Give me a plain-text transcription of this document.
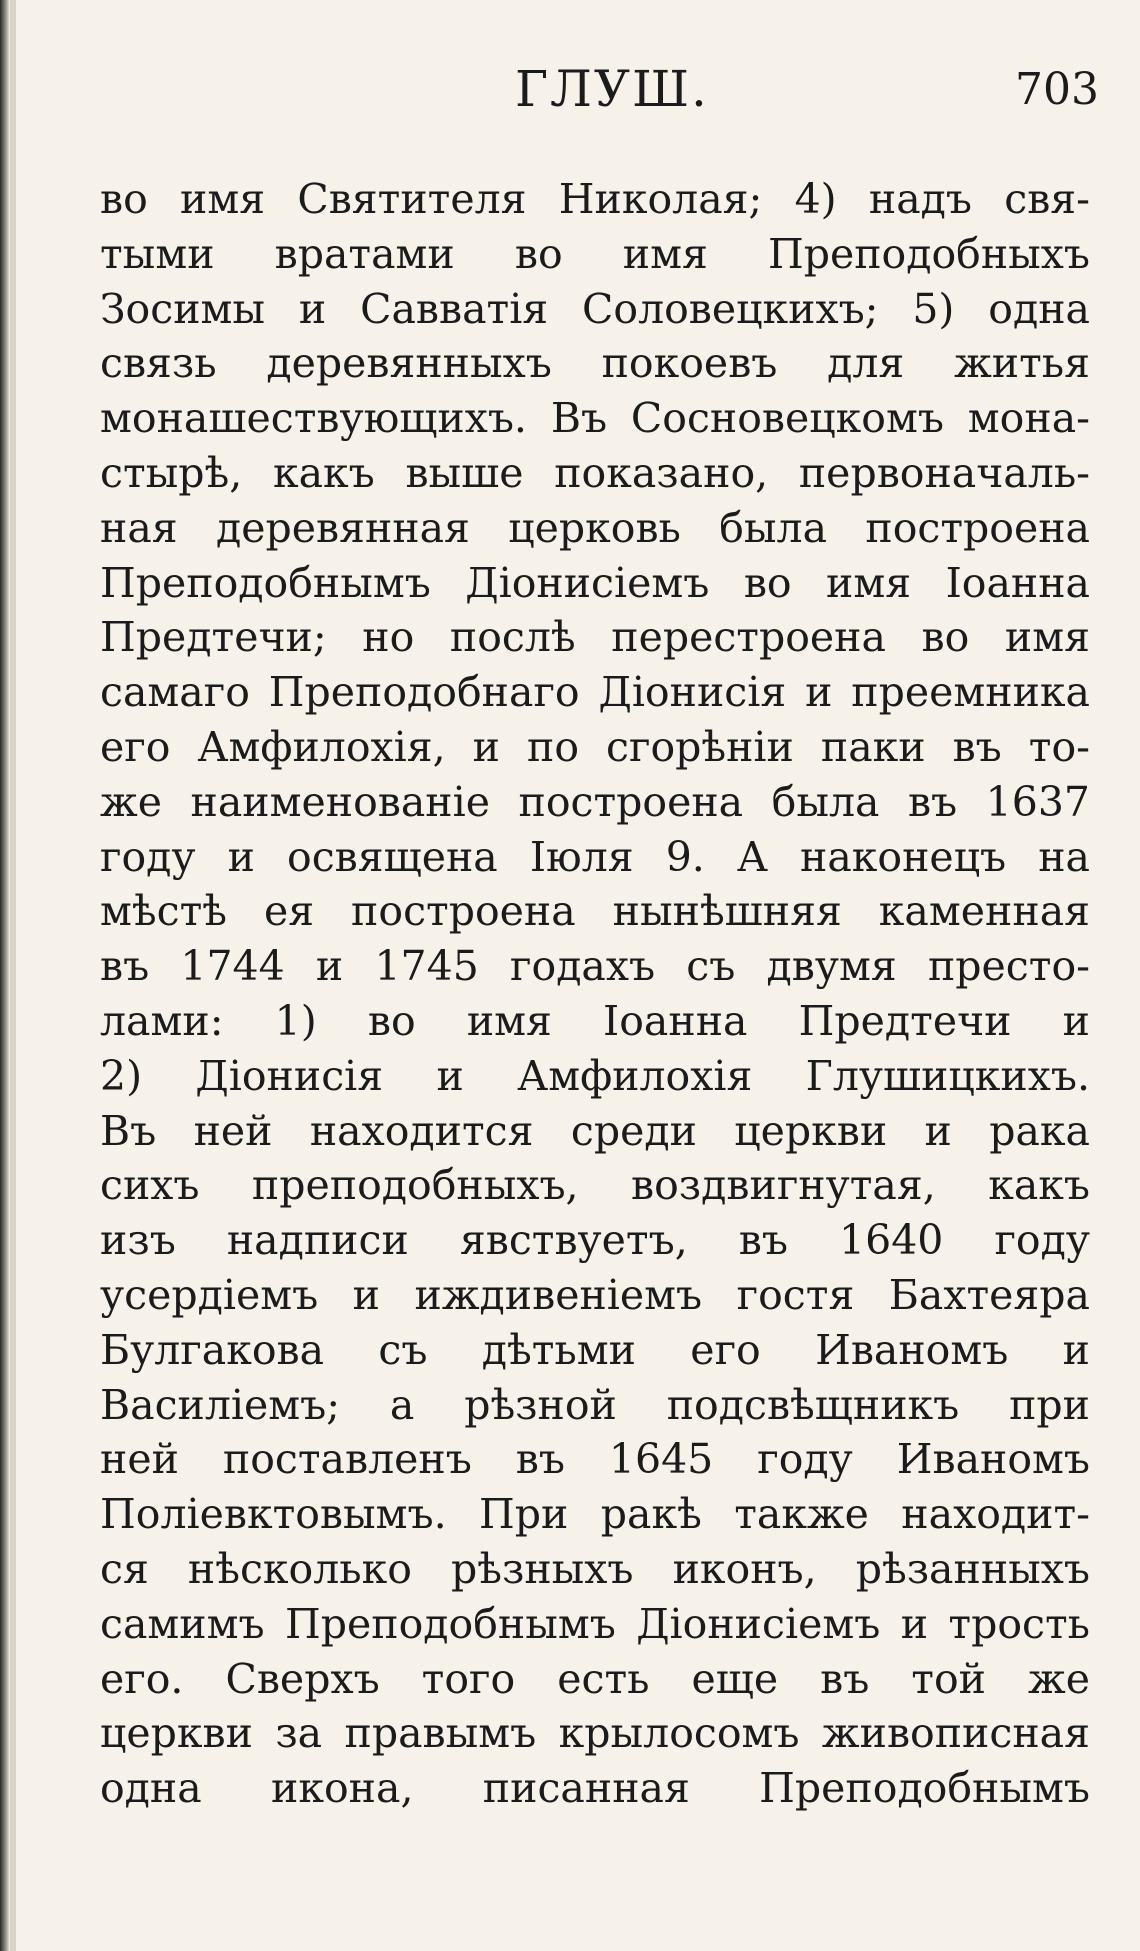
ГЛУШ.	703
во имя Святителя Николая; 4) надъ свя-
тыми вратами во имя Преподобныхъ
Зосимы и Савватія Соловецкихъ; 5) одна
связь деревянныхъ покоевъ для житья
монашествующихъ. Въ Сосновецкомъ мона-
стырѣ, какъ выше показано, первоначаль-
ная деревянная церковь была построена
Преподобнымъ Діонисіемъ во имя Іоанна
Предтечи; но послѣ перестроена во имя
самаго Преподобнаго Діонисія и преемника
его Амфилохія, и по сгорѣніи паки въ то-
же наименованіе построена была въ 1637
году и освящена Іюля 9. А наконецъ на
мѣстѣ ея построена нынѣшняя каменная
въ 1744 и 1745 годахъ съ двумя престо-
лами: 1) во имя Іоанна Предтечи и
2) Діонисія и Амфилохія Глушицкихъ.
Въ ней находится среди церкви и рака
сихъ преподобныхъ, воздвигнутая, какъ
изъ надписи явствуетъ, въ 1640 году
усердіемъ и иждивеніемъ гостя Бахтеяра
Булгакова съ дѣтьми его Иваномъ и
Василіемъ; а рѣзной подсвѣщникъ при
ней поставленъ въ 1645 году Иваномъ
Поліевктовымъ. При ракѣ также находит-
ся нѣсколько рѣзныхъ иконъ, рѣзанныхъ
самимъ Преподобнымъ Діонисіемъ и трость
его. Сверхъ того есть еще въ той же
церкви за правымъ крылосомъ живописная
одна икона, писанная Преподобнымъ
